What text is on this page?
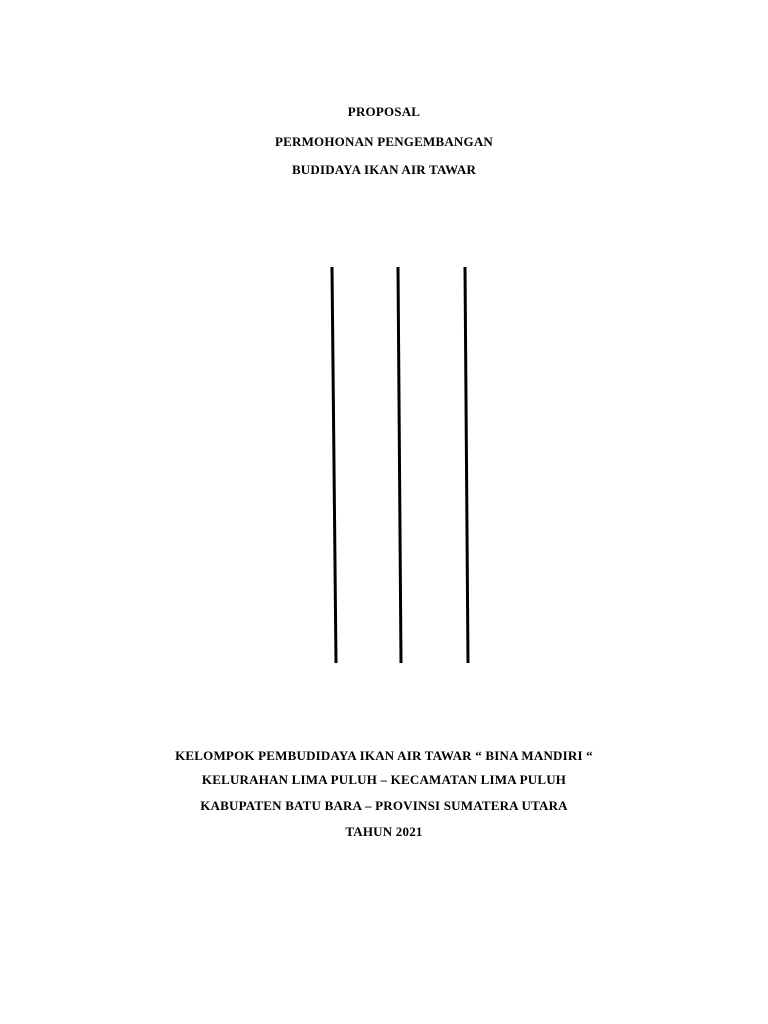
PROPOSAL
PERMOHONAN PENGEMBANGAN
BUDIDAYA IKAN AIR TAWAR
KELOMPOK PEMBUDIDAYA IKAN AIR TAWAR “ BINA MANDIRI “
KELURAHAN LIMA PULUH – KECAMATAN LIMA PULUH
KABUPATEN BATU BARA – PROVINSI SUMATERA UTARA
TAHUN 2021
